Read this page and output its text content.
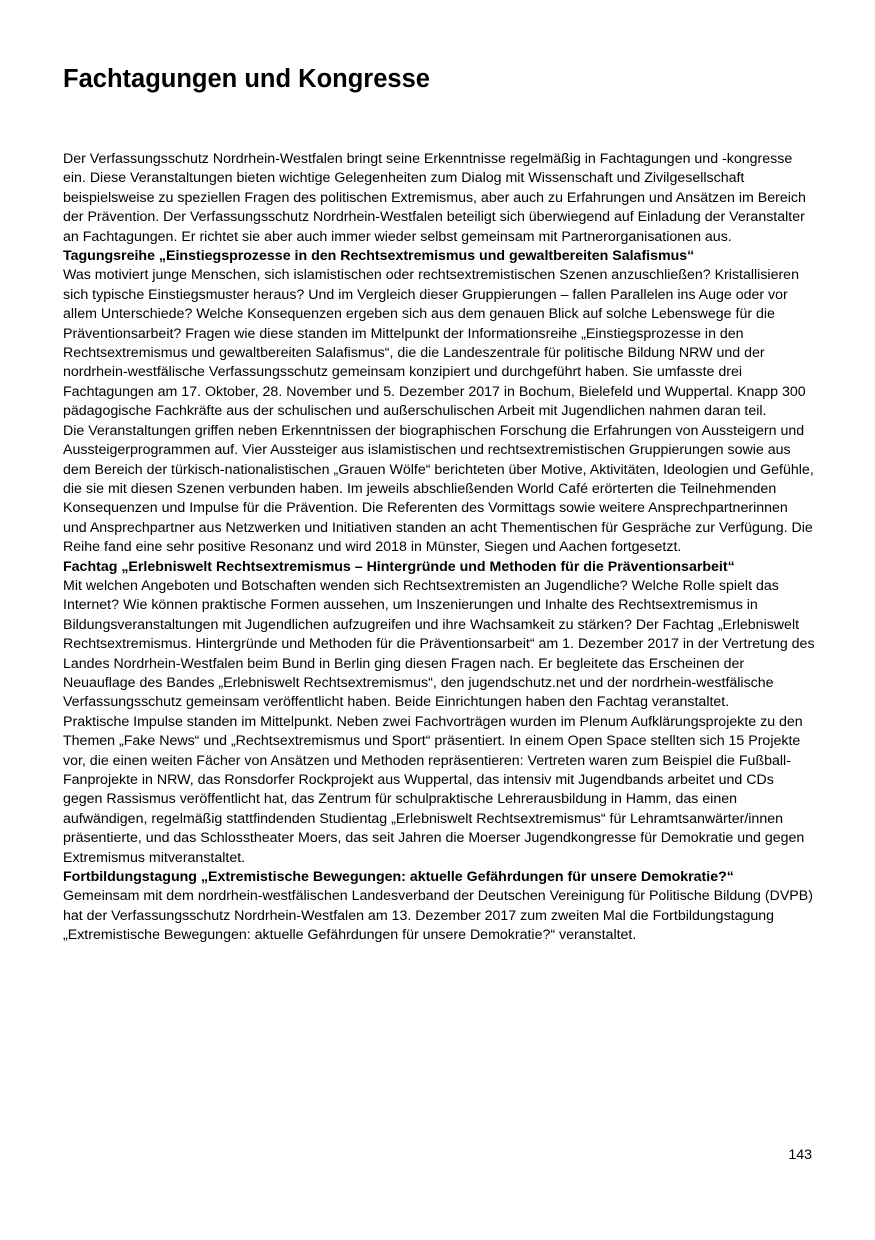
Fachtagungen und Kongresse

Der Verfassungsschutz Nordrhein-Westfalen bringt seine Erkenntnisse regelmäßig in Fachtagungen und -kongresse ein. Diese Veranstaltungen bieten wichtige Gelegenheiten zum Dialog mit Wissenschaft und Zivilgesellschaft beispielsweise zu speziellen Fragen des politischen Extremismus, aber auch zu Erfahrungen und Ansätzen im Bereich der Prävention. Der Verfassungsschutz Nordrhein-Westfalen beteiligt sich überwiegend auf Einladung der Veranstalter an Fachtagungen. Er richtet sie aber auch immer wieder selbst gemeinsam mit Partnerorganisationen aus.

Tagungsreihe „Einstiegsprozesse in den Rechtsextremismus und gewaltbereiten Salafismus“

Was motiviert junge Menschen, sich islamistischen oder rechtsextremistischen Szenen anzuschließen? Kristallisieren sich typische Einstiegsmuster heraus? Und im Vergleich dieser Gruppierungen – fallen Parallelen ins Auge oder vor allem Unterschiede? Welche Konsequenzen ergeben sich aus dem genauen Blick auf solche Lebenswege für die Präventionsarbeit? Fragen wie diese standen im Mittelpunkt der Informationsreihe „Einstiegsprozesse in den Rechtsextremismus und gewaltbereiten Salafismus“, die die Landeszentrale für politische Bildung NRW und der nordrhein-westfälische Verfassungsschutz gemeinsam konzipiert und durchgeführt haben. Sie umfasste drei Fachtagungen am 17. Oktober, 28. November und 5. Dezember 2017 in Bochum, Bielefeld und Wuppertal. Knapp 300 pädagogische Fachkräfte aus der schulischen und außerschulischen Arbeit mit Jugendlichen nahmen daran teil.

Die Veranstaltungen griffen neben Erkenntnissen der biographischen Forschung die Erfahrungen von Aussteigern und Aussteigerprogrammen auf. Vier Aussteiger aus islamistischen und rechtsextremistischen Gruppierungen sowie aus dem Bereich der türkisch-nationalistischen „Grauen Wölfe“ berichteten über Motive, Aktivitäten, Ideologien und Gefühle, die sie mit diesen Szenen verbunden haben. Im jeweils abschließenden World Café erörterten die Teilnehmenden Konsequenzen und Impulse für die Prävention. Die Referenten des Vormittags sowie weitere Ansprechpartnerinnen und Ansprechpartner aus Netzwerken und Initiativen standen an acht Thementischen für Gespräche zur Verfügung. Die Reihe fand eine sehr positive Resonanz und wird 2018 in Münster, Siegen und Aachen fortgesetzt.

Fachtag „Erlebniswelt Rechtsextremismus – Hintergründe und Methoden für die Präventionsarbeit“

Mit welchen Angeboten und Botschaften wenden sich Rechtsextremisten an Jugendliche? Welche Rolle spielt das Internet? Wie können praktische Formen aussehen, um Inszenierungen und Inhalte des Rechtsextremismus in Bildungsveranstaltungen mit Jugendlichen aufzugreifen und ihre Wachsamkeit zu stärken? Der Fachtag „Erlebniswelt Rechtsextremismus. Hintergründe und Methoden für die Präventionsarbeit“ am 1. Dezember 2017 in der Vertretung des Landes Nordrhein-Westfalen beim Bund in Berlin ging diesen Fragen nach. Er begleitete das Erscheinen der Neuauflage des Bandes „Erlebniswelt Rechtsextremismus“, den jugendschutz.net und der nordrhein-westfälische Verfassungsschutz gemeinsam veröffentlicht haben. Beide Einrichtungen haben den Fachtag veranstaltet.

Praktische Impulse standen im Mittelpunkt. Neben zwei Fachvorträgen wurden im Plenum Aufklärungsprojekte zu den Themen „Fake News“ und „Rechtsextremismus und Sport“ präsentiert. In einem Open Space stellten sich 15 Projekte vor, die einen weiten Fächer von Ansätzen und Methoden repräsentieren: Vertreten waren zum Beispiel die Fußball-Fanprojekte in NRW, das Ronsdorfer Rockprojekt aus Wuppertal, das intensiv mit Jugendbands arbeitet und CDs gegen Rassismus veröffentlicht hat, das Zentrum für schulpraktische Lehrerausbildung in Hamm, das einen aufwändigen, regelmäßig stattfindenden Studientag „Erlebniswelt Rechtsextremismus“ für Lehramtsanwärter/innen präsentierte, und das Schlosstheater Moers, das seit Jahren die Moerser Jugendkongresse für Demokratie und gegen Extremismus mitveranstaltet.

Fortbildungstagung „Extremistische Bewegungen: aktuelle Gefährdungen für unsere Demokratie?“

Gemeinsam mit dem nordrhein-westfälischen Landesverband der Deutschen Vereinigung für Politische Bildung (DVPB) hat der Verfassungsschutz Nordrhein-Westfalen am 13. Dezember 2017 zum zweiten Mal die Fortbildungstagung „Extremistische Bewegungen: aktuelle Gefährdungen für unsere Demokratie?“ veranstaltet.

143
